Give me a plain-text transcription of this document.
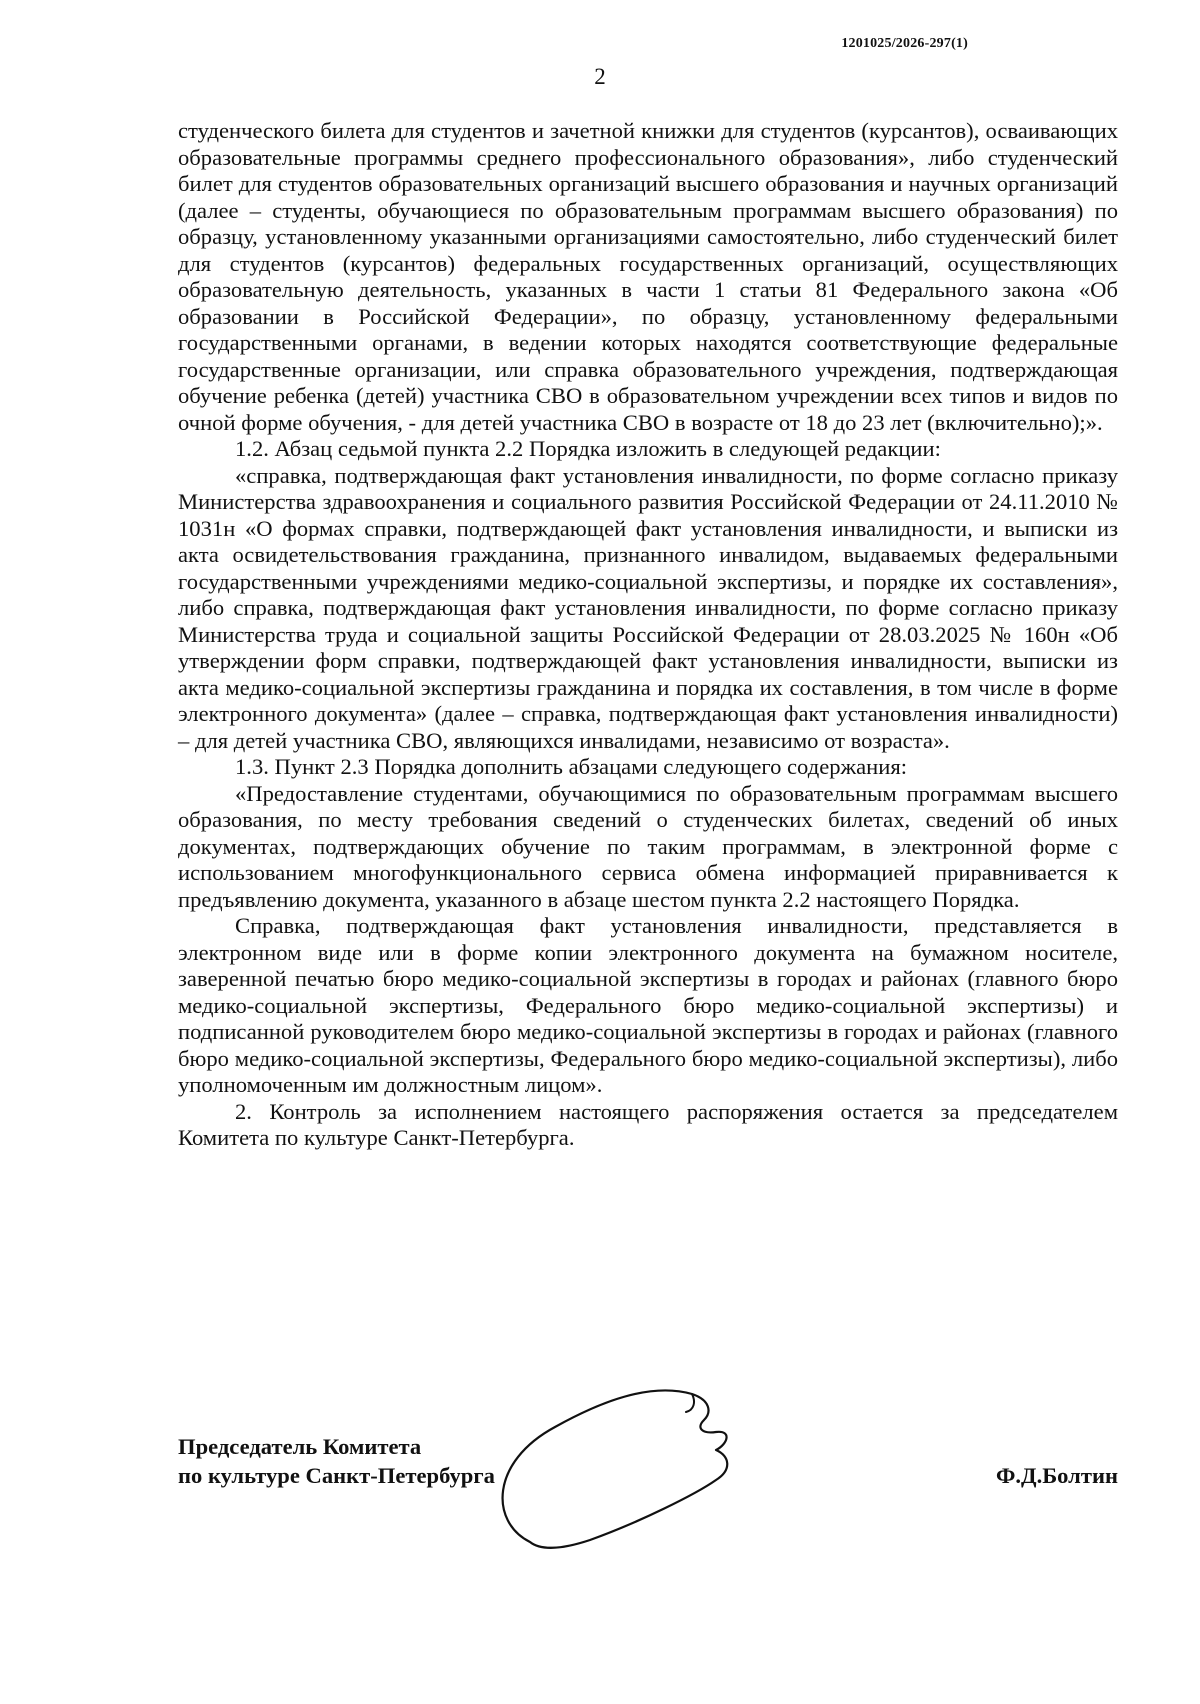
1201025/2026-297(1)
2

студенческого билета для студентов и зачетной книжки для студентов (курсантов), осваивающих образовательные программы среднего профессионального образования», либо студенческий билет для студентов образовательных организаций высшего образования и научных организаций (далее – студенты, обучающиеся по образовательным программам высшего образования) по образцу, установленному указанными организациями самостоятельно, либо студенческий билет для студентов (курсантов) федеральных государственных организаций, осуществляющих образовательную деятельность, указанных в части 1 статьи 81 Федерального закона «Об образовании в Российской Федерации», по образцу, установленному федеральными государственными органами, в ведении которых находятся соответствующие федеральные государственные организации, или справка образовательного учреждения, подтверждающая обучение ребенка (детей) участника СВО в образовательном учреждении всех типов и видов по очной форме обучения, - для детей участника СВО в возрасте от 18 до 23 лет (включительно);».

1.2. Абзац седьмой пункта 2.2 Порядка изложить в следующей редакции:

«справка, подтверждающая факт установления инвалидности, по форме согласно приказу Министерства здравоохранения и социального развития Российской Федерации от 24.11.2010 № 1031н «О формах справки, подтверждающей факт установления инвалидности, и выписки из акта освидетельствования гражданина, признанного инвалидом, выдаваемых федеральными государственными учреждениями медико-социальной экспертизы, и порядке их составления», либо справка, подтверждающая факт установления инвалидности, по форме согласно приказу Министерства труда и социальной защиты Российской Федерации от 28.03.2025 № 160н «Об утверждении форм справки, подтверждающей факт установления инвалидности, выписки из акта медико-социальной экспертизы гражданина и порядка их составления, в том числе в форме электронного документа» (далее – справка, подтверждающая факт установления инвалидности) – для детей участника СВО, являющихся инвалидами, независимо от возраста».

1.3. Пункт 2.3 Порядка дополнить абзацами следующего содержания:

«Предоставление студентами, обучающимися по образовательным программам высшего образования, по месту требования сведений о студенческих билетах, сведений об иных документах, подтверждающих обучение по таким программам, в электронной форме с использованием многофункционального сервиса обмена информацией приравнивается к предъявлению документа, указанного в абзаце шестом пункта 2.2 настоящего Порядка.

Справка, подтверждающая факт установления инвалидности, представляется в электронном виде или в форме копии электронного документа на бумажном носителе, заверенной печатью бюро медико-социальной экспертизы в городах и районах (главного бюро медико-социальной экспертизы, Федерального бюро медико-социальной экспертизы) и подписанной руководителем бюро медико-социальной экспертизы в городах и районах (главного бюро медико-социальной экспертизы, Федерального бюро медико-социальной экспертизы), либо уполномоченным им должностным лицом».

2. Контроль за исполнением настоящего распоряжения остается за председателем Комитета по культуре Санкт-Петербурга.

Председатель Комитета
по культуре Санкт-Петербурга	Ф.Д.Болтин
